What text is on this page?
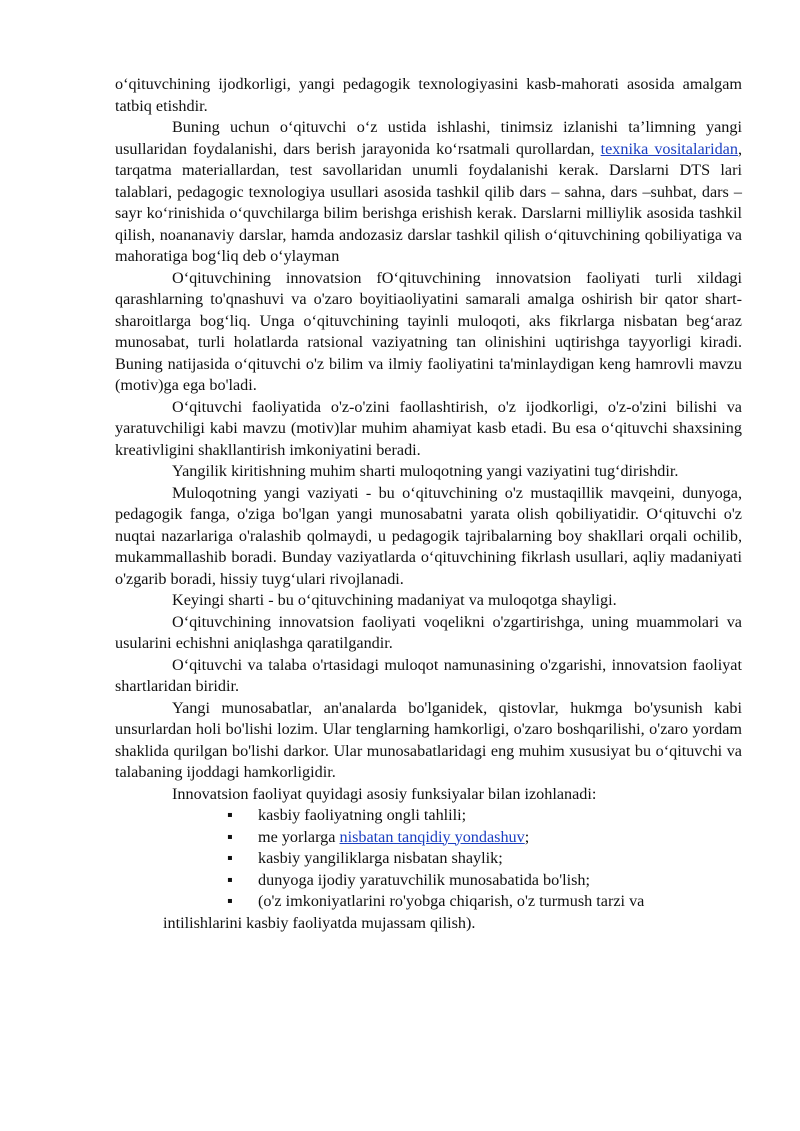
o‘qituvchining ijodkorligi, yangi pedagogik texnologiyasini kasb-mahorati asosida amalgam tatbiq etishdir.

Buning uchun o‘qituvchi o‘z ustida ishlashi, tinimsiz izlanishi ta’limning yangi usullaridan foydalanishi, dars berish jarayonida ko‘rsatmali qurollardan, texnika vositalaridan, tarqatma materiallardan, test savollaridan unumli foydalanishi kerak. Darslarni DTS lari talablari, pedagogic texnologiya usullari asosida tashkil qilib dars – sahna, dars –suhbat, dars – sayr ko‘rinishida o‘quvchilarga bilim berishga erishish kerak. Darslarni milliylik asosida tashkil qilish, noananaviy darslar, hamda andozasiz darslar tashkil qilish o‘qituvchining qobiliyatiga va mahoratiga bog‘liq deb o‘ylayman

O‘qituvchining innovatsion fO‘qituvchining innovatsion faoliyati turli xildagi qarashlarning to'qnashuvi va o'zaro boyitiaoliyatini samarali amalga oshirish bir qator shart-sharoitlarga bog‘liq. Unga o‘qituvchining tayinli muloqoti, aks fikrlarga nisbatan beg‘araz munosabat, turli holatlarda ratsional vaziyatning tan olinishini uqtirishga tayyorligi kiradi. Buning natijasida o‘qituvchi o'z bilim va ilmiy faoliyatini ta'minlaydigan keng hamrovli mavzu (motiv)ga ega bo'ladi.

O‘qituvchi faoliyatida o'z-o'zini faollashtirish, o'z ijodkorligi, o'z-o'zini bilishi va yaratuvchiligi kabi mavzu (motiv)lar muhim ahamiyat kasb etadi. Bu esa o‘qituvchi shaxsining kreativligini shakllantirish imkoniyatini beradi.

Yangilik kiritishning muhim sharti muloqotning yangi vaziyatini tug‘dirishdir.

Muloqotning yangi vaziyati - bu o‘qituvchining o'z mustaqillik mavqeini, dunyoga, pedagogik fanga, o'ziga bo'lgan yangi munosabatni yarata olish qobiliyatidir. O‘qituvchi o'z nuqtai nazarlariga o'ralashib qolmaydi, u pedagogik tajribalarning boy shakllari orqali ochilib, mukammallashib boradi. Bunday vaziyatlarda o‘qituvchining fikrlash usullari, aqliy madaniyati o'zgarib boradi, hissiy tuyg‘ulari rivojlanadi.

Keyingi sharti - bu o‘qituvchining madaniyat va muloqotga shayligi.

O‘qituvchining innovatsion faoliyati voqelikni o'zgartirishga, uning muammolari va usularini echishni aniqlashga qaratilgandir.

O‘qituvchi va talaba o'rtasidagi muloqot namunasining o'zgarishi, innovatsion faoliyat shartlaridan biridir.

Yangi munosabatlar, an'analarda bo'lganidek, qistovlar, hukmga bo'ysunish kabi unsurlardan holi bo'lishi lozim. Ular tenglarning hamkorligi, o'zaro boshqarilishi, o'zaro yordam shaklida qurilgan bo'lishi darkor. Ular munosabatlaridagi eng muhim xususiyat bu o‘qituvchi va talabaning ijoddagi hamkorligidir.

Innovatsion faoliyat quyidagi asosiy funksiyalar bilan izohlanadi:

▪ kasbiy faoliyatning ongli tahlili;
▪ me yorlarga nisbatan tanqidiy yondashuv;
▪ kasbiy yangiliklarga nisbatan shaylik;
▪ dunyoga ijodiy yaratuvchilik munosabatida bo'lish;
▪ (o'z imkoniyatlarini ro'yobga chiqarish, o'z turmush tarzi va
intilishlarini kasbiy faoliyatda mujassam qilish).
